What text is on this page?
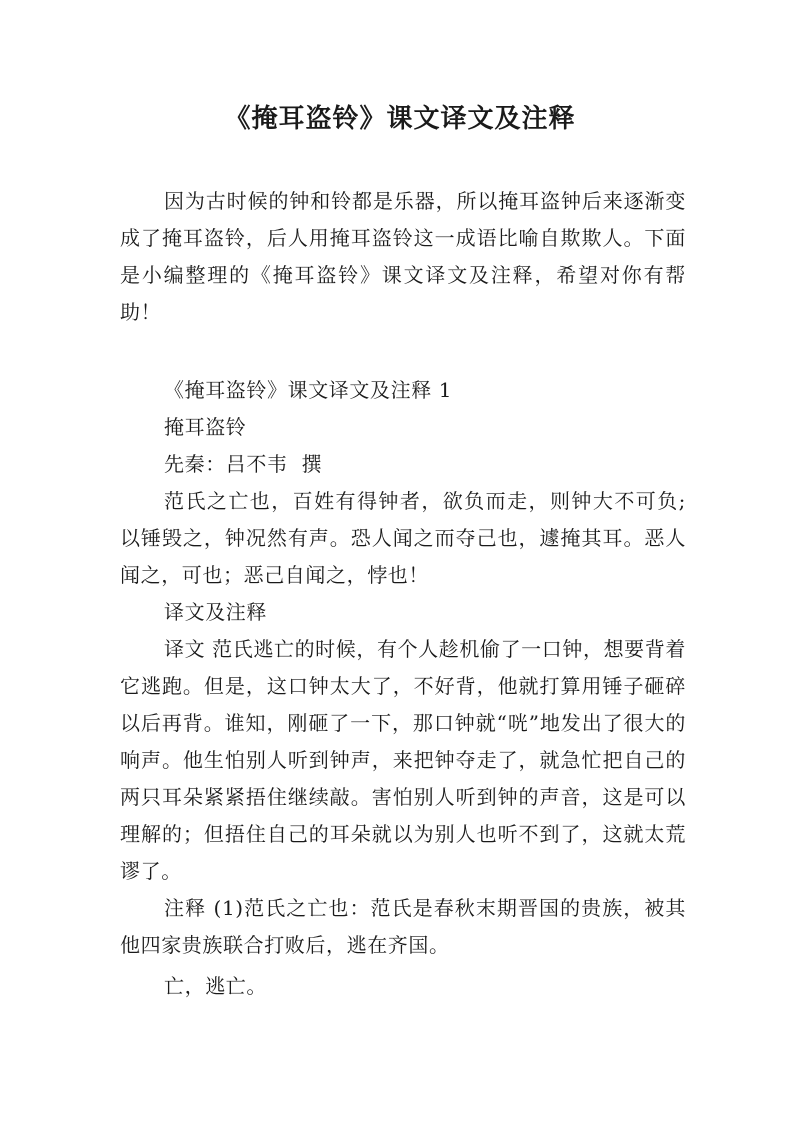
《掩耳盗铃》课文译文及注释

因为古时候的钟和铃都是乐器，所以掩耳盗钟后来逐渐变成了掩耳盗铃，后人用掩耳盗铃这一成语比喻自欺欺人。下面是小编整理的《掩耳盗铃》课文译文及注释，希望对你有帮助！

《掩耳盗铃》课文译文及注释 1

掩耳盗铃

先秦：吕不韦  撰

范氏之亡也，百姓有得钟者，欲负而走，则钟大不可负;以锤毁之，钟况然有声。恐人闻之而夺己也，遽掩其耳。恶人闻之，可也；恶己自闻之，悖也！

译文及注释

译文 范氏逃亡的时候，有个人趁机偷了一口钟，想要背着它逃跑。但是，这口钟太大了，不好背，他就打算用锤子砸碎以后再背。谁知，刚砸了一下，那口钟就“咣”地发出了很大的响声。他生怕别人听到钟声，来把钟夺走了，就急忙把自己的两只耳朵紧紧捂住继续敲。害怕别人听到钟的声音，这是可以理解的；但捂住自己的耳朵就以为别人也听不到了，这就太荒谬了。

注释 (1)范氏之亡也：范氏是春秋末期晋国的贵族，被其他四家贵族联合打败后，逃在齐国。

亡，逃亡。
